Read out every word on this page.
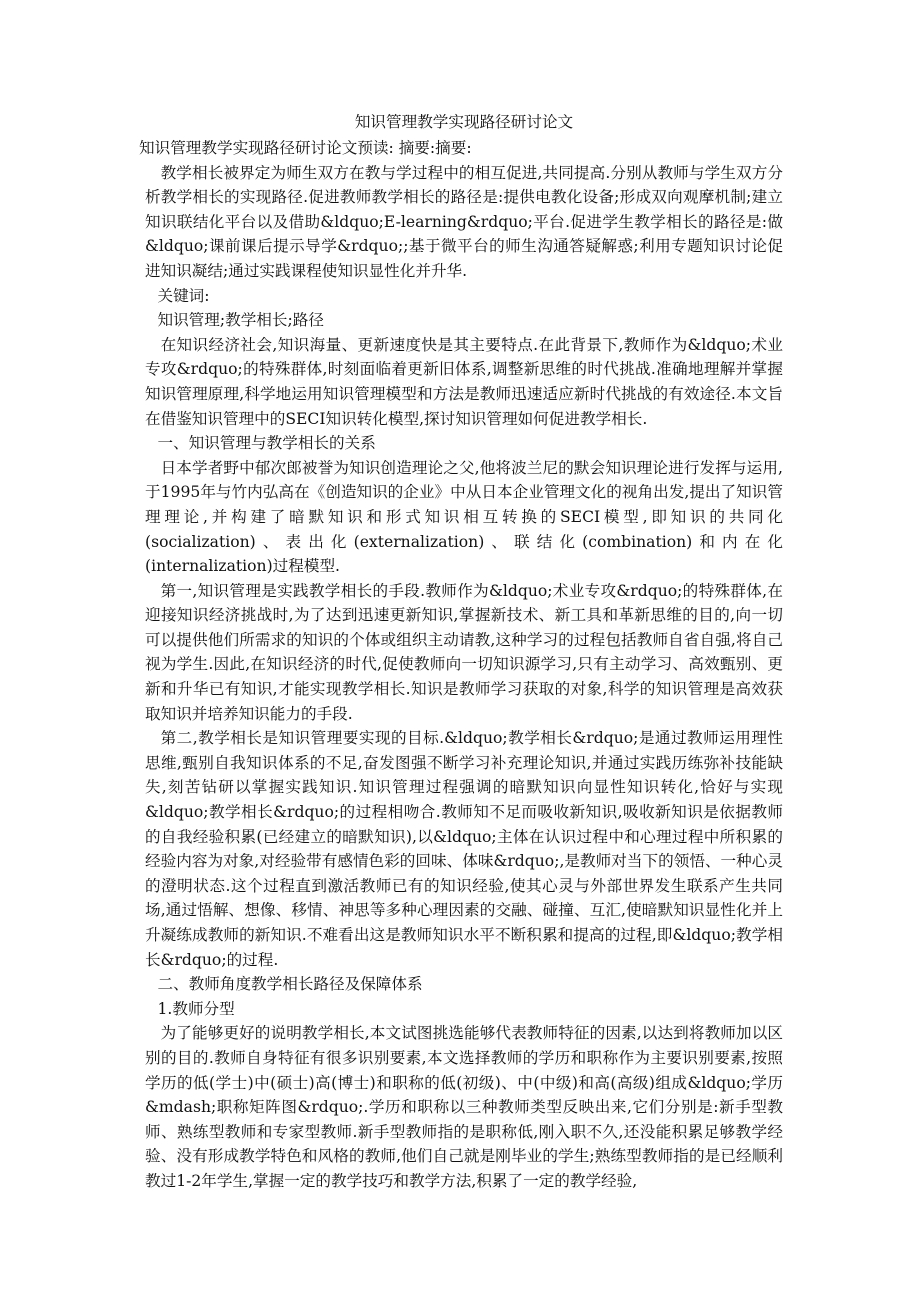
知识管理教学实现路径研讨论文

知识管理教学实现路径研讨论文预读: 摘要:摘要:

教学相长被界定为师生双方在教与学过程中的相互促进,共同提高.分别从教师与学生双方分析教学相长的实现路径.促进教师教学相长的路径是:提供电教化设备;形成双向观摩机制;建立知识联结化平台以及借助&ldquo;E-learning&rdquo;平台.促进学生教学相长的路径是:做&ldquo;课前课后提示导学&rdquo;;基于微平台的师生沟通答疑解惑;利用专题知识讨论促进知识凝结;通过实践课程使知识显性化并升华.

关键词:

知识管理;教学相长;路径

在知识经济社会,知识海量、更新速度快是其主要特点.在此背景下,教师作为&ldquo;术业专攻&rdquo;的特殊群体,时刻面临着更新旧体系,调整新思维的时代挑战.准确地理解并掌握知识管理原理,科学地运用知识管理模型和方法是教师迅速适应新时代挑战的有效途径.本文旨在借鉴知识管理中的SECI知识转化模型,探讨知识管理如何促进教学相长.

一、知识管理与教学相长的关系

日本学者野中郁次郎被誉为知识创造理论之父,他将波兰尼的默会知识理论进行发挥与运用,于1995年与竹内弘高在《创造知识的企业》中从日本企业管理文化的视角出发,提出了知识管理理论,并构建了暗默知识和形式知识相互转换的SECI模型,即知识的共同化(socialization)、表出化(externalization)、联结化(combination)和内在化(internalization)过程模型.

第一,知识管理是实践教学相长的手段.教师作为&ldquo;术业专攻&rdquo;的特殊群体,在迎接知识经济挑战时,为了达到迅速更新知识,掌握新技术、新工具和革新思维的目的,向一切可以提供他们所需求的知识的个体或组织主动请教,这种学习的过程包括教师自省自强,将自己视为学生.因此,在知识经济的时代,促使教师向一切知识源学习,只有主动学习、高效甄别、更新和升华已有知识,才能实现教学相长.知识是教师学习获取的对象,科学的知识管理是高效获取知识并培养知识能力的手段.

第二,教学相长是知识管理要实现的目标.&ldquo;教学相长&rdquo;是通过教师运用理性思维,甄别自我知识体系的不足,奋发图强不断学习补充理论知识,并通过实践历练弥补技能缺失,刻苦钻研以掌握实践知识.知识管理过程强调的暗默知识向显性知识转化,恰好与实现&ldquo;教学相长&rdquo;的过程相吻合.教师知不足而吸收新知识,吸收新知识是依据教师的自我经验积累(已经建立的暗默知识),以&ldquo;主体在认识过程中和心理过程中所积累的经验内容为对象,对经验带有感情色彩的回味、体味&rdquo;,是教师对当下的领悟、一种心灵的澄明状态.这个过程直到激活教师已有的知识经验,使其心灵与外部世界发生联系产生共同场,通过悟解、想像、移情、神思等多种心理因素的交融、碰撞、互汇,使暗默知识显性化并上升凝练成教师的新知识.不难看出这是教师知识水平不断积累和提高的过程,即&ldquo;教学相长&rdquo;的过程.

二、教师角度教学相长路径及保障体系

1.教师分型

为了能够更好的说明教学相长,本文试图挑选能够代表教师特征的因素,以达到将教师加以区别的目的.教师自身特征有很多识别要素,本文选择教师的学历和职称作为主要识别要素,按照学历的低(学士)中(硕士)高(博士)和职称的低(初级)、中(中级)和高(高级)组成&ldquo;学历&mdash;职称矩阵图&rdquo;.学历和职称以三种教师类型反映出来,它们分别是:新手型教师、熟练型教师和专家型教师.新手型教师指的是职称低,刚入职不久,还没能积累足够教学经验、没有形成教学特色和风格的教师,他们自己就是刚毕业的学生;熟练型教师指的是已经顺利教过1-2年学生,掌握一定的教学技巧和教学方法,积累了一定的教学经验,
